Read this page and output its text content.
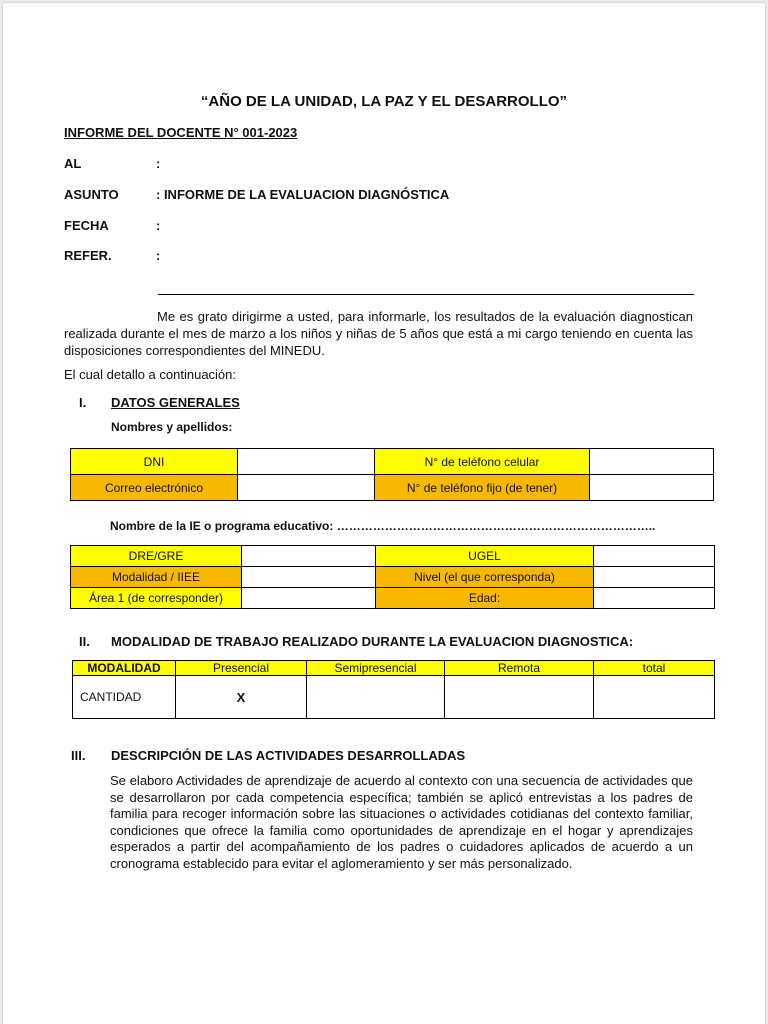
“AÑO DE LA UNIDAD, LA PAZ Y EL DESARROLLO”
INFORME DEL DOCENTE N° 001-2023
AL	:
ASUNTO	: INFORME DE LA EVALUACION DIAGNÓSTICA
FECHA	:
REFER.	:
Me es grato dirigirme a usted, para informarle, los resultados de la evaluación diagnostican realizada durante el mes de marzo a los niños y niñas de 5 años que está a mi cargo teniendo en cuenta las disposiciones correspondientes del MINEDU.
El cual detallo a continuación:
I. DATOS GENERALES
Nombres y apellidos:
DNI		N° de teléfono celular	
Correo electrónico		N° de teléfono fijo (de tener)	
Nombre de la IE o programa educativo: ……………………………………………………………………..
DRE/GRE		UGEL	
Modalidad / IIEE		Nivel (el que corresponda)	
Área 1 (de corresponder)		Edad:	
II. MODALIDAD DE TRABAJO REALIZADO DURANTE LA EVALUACION DIAGNOSTICA:
MODALIDAD	Presencial	Semipresencial	Remota	total
CANTIDAD	X			
III. DESCRIPCIÓN DE LAS ACTIVIDADES DESARROLLADAS
Se elaboro Actividades de aprendizaje de acuerdo al contexto con una secuencia de actividades que se desarrollaron por cada competencia específica; también se aplicó entrevistas a los padres de familia para recoger información sobre las situaciones o actividades cotidianas del contexto familiar, condiciones que ofrece la familia como oportunidades de aprendizaje en el hogar y aprendizajes esperados a partir del acompañamiento de los padres o cuidadores aplicados de acuerdo a un cronograma establecido para evitar el aglomeramiento y ser más personalizado.
